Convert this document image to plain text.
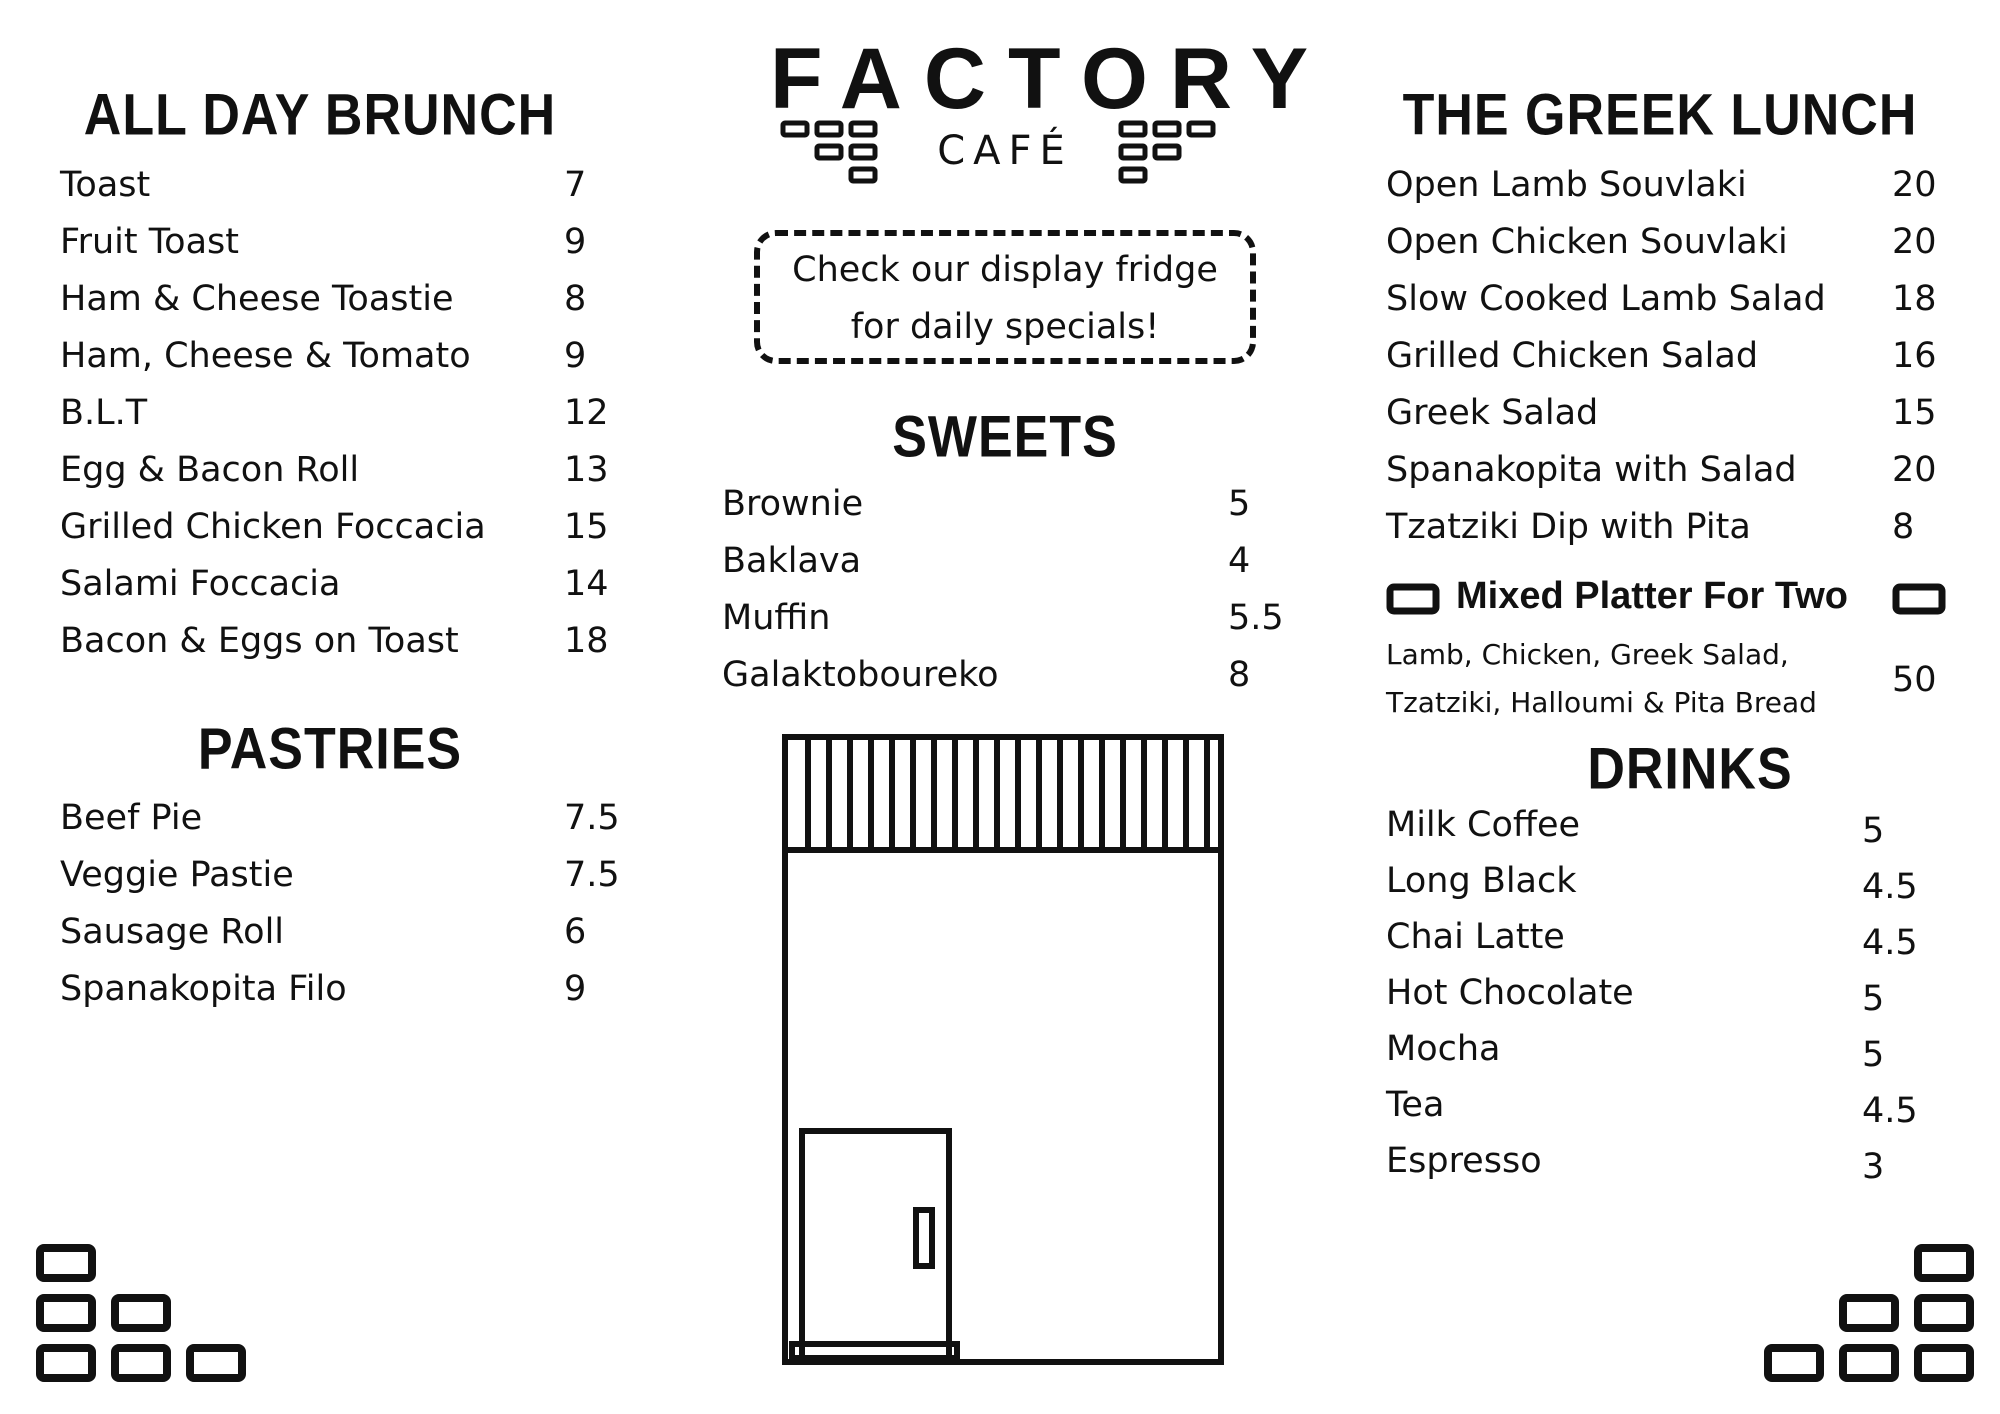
ALL DAY BRUNCH
Toast	7
Fruit Toast	9
Ham & Cheese Toastie	8
Ham, Cheese & Tomato	9
B.L.T	12
Egg & Bacon Roll	13
Grilled Chicken Foccacia 15
Salami Foccacia	14
Bacon & Eggs on Toast	18
PASTRIES
Beef Pie	7.5
Veggie Pastie	7.5
Sausage Roll	6
Spanakopita Filo	9
FACTORY
CAFÉ
Check our display fridge
for daily specials!
SWEETS
Brownie	5
Baklava	4
Muffin	5.5
Galaktoboureko	8
THE GREEK LUNCH
Open Lamb Souvlaki	20
Open Chicken Souvlaki	20
Slow Cooked Lamb Salad 18
Grilled Chicken Salad	16
Greek Salad	15
Spanakopita with Salad	20
Tzatziki Dip with Pita	8
Mixed Platter For Two
Lamb, Chicken, Greek Salad,
Tzatziki, Halloumi & Pita Bread
50
DRINKS
Milk Coffee	5
Long Black	4.5
Chai Latte	4.5
Hot Chocolate	5
Mocha	5
Tea	4.5
Espresso	3
